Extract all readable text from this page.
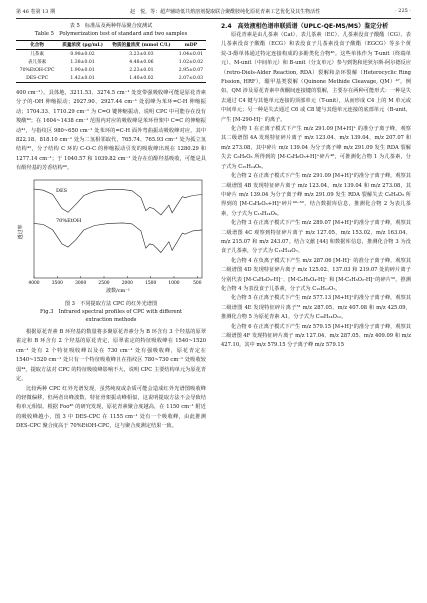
第 46 卷第 13 期	赵　悦，等：超声辅助低共熔溶剂提取联合聚酰胺纯化原花青素工艺优化及其生物活性	· 225 ·
表 5　标准品及两种样品聚合度测试
Table 5　Polymerization test of standard and two samples
化合物	质量浓度 (μg/mL)	物质的量浓度 (mmol C/L)	mDP
儿茶素	0.98±0.02	3.23±0.03	1.04±0.01
表儿茶素	1.38±0.01	4.48±0.06	1.02±0.02
70%EtOH-CPC	1.90±0.01	2.23±0.01	2.95±0.07
DES-CPC	1.42±0.01	1.40±0.02	2.07±0.03

400 cm⁻¹）。具体地，3211.53、3274.5 cm⁻¹ 处宽带强吸收峰可能是原花青素分子的-OH 伸缩振动；2927.90、2927.44 cm⁻¹ 处弱峰为苯环=C-H 伸缩振动；1704.33、1710.29 cm⁻¹ 为 C=O 键伸缩振动，说明 CPC 中可能存在没有羧酸⁴⁰；在 1604~1438 cm⁻¹ 范围内对应的吸收峰是苯环骨架中 C=C 的伸缩振动⁴¹，与指纹区 980~650 cm⁻¹ 处苯环的=C-H 面外弯曲振动吸收峰对应，其中 822.18、818.10 cm⁻¹ 处为二氢相邻取代，765.74、765.93 cm⁻¹ 处为孤立氢结构⁴²，分子结构 C 环的 C-O-C 的伸缩振动引发的吸收峰出现在 1280.29 和 1277.14 cm⁻¹；于 1040.57 和 1039.82 cm⁻¹ 处存在伯醇羟基吸收，可能是具有酚羟基的芳香结构⁴³。

透过率
波数/cm⁻¹
4000	3500	3000	2500	2000	1500	1000	500
DES
70%EtOH
图 3　不同提取方法 CPC 的红外光谱图
Fig.3　Infrared spectral profiles of CPC with different
extraction methods

根据原花青素 B 环羟基的数量将多聚原花青素分为 B 环含有 3 个羟基的原翠雀定和 B 环含有 2 个羟基的原花青定，原翠雀定的特征吸收峰在 1540~1520 cm⁻¹ 处有 2 个特征吸收峰以及在 730 cm⁻¹ 处有强吸收峰，原花青定在 1540~1520 cm⁻¹ 处只有一个特征吸收峰且在指纹区 780~730 cm⁻¹ 处吸收较弱⁴⁴，提取方法对 CPC 的特征吸收峰影响不大，说明 CPC 主要结构单元为原花青定。

比较两种 CPC 红外光谱发现，虽然纯度或杂质可能会造成红外光谱图吸收峰的轻微偏移，但两者出峰波数、特征骨架振动峰相似，这说明提取方法不会导致结构单元相似。根据 Foo⁴⁵ 的研究发现，原花青素聚合度越高，在 1150 cm⁻¹ 附近的吸收峰越小，图 3 中 DES-CPC 在 1155 cm⁻¹ 处有一个吸收峰，由此推测 DES-CPC 聚合度高于 70%EtOH-CPC，这与聚合度测定结果一致。

2.4　高效液相色谱串联质谱（UPLC-QE-MS/MS）鉴定分析

原花青素是由儿茶素（Cat）、表儿茶素（EC）、儿茶素没食子酸酯（CG）、表儿茶素没食子酸酯（ECG）和表没食子儿茶素没食子酸酯（EGCG）等多个黄烷-3-醇单体通过特定连接构成的多酚类化合物⁴⁶。这些单体作为 T-unit（终端单元）、M-unit（中间单元）和 B-unit（分支单元）参与到饱和逆狄尔斯-阿尔德反应（retro-Diels-Alder Reaction, RDA）裂解和杂环裂解（Heterocyclic Ring Fission, HRF），醌甲基类裂解（Quinone Methide Cleavage, QM）⁴⁷。例如，QM 涉及原花青素中黄酮间连接键的裂解，主要存在两种可能形式：一种是失去通过 C4 键与其他单元连接的顶部单元（T-unit），从而形成 C4 上的 M 单元或中间单元；另一种是失去通过 C6 或 C8 键与其他单元连接的底部单元（B-unit，产生 [M-290-H]⁻ 的离子。

化合物 1 在正离子模式下产生 m/z 291.09 [M+H]⁺ 的准分子离子峰，观察其二级谱图 4A 发现特征碎片离子 m/z 123.04、m/z 139.04、m/z 207.07 和 m/z 273.08，其中碎片 m/z 139.04 为分子离子峰 m/z 291.09 发生 RDA 裂解失去 C₈H₈O₃ 所得到的 [M-C₈H₈O₃+H]⁺碎片⁴⁸，可推测化合物 1 为儿茶素，分子式为 C₁₅H₁₄O₆。

化合物 2 在正离子模式下产生 m/z 291.09 [M+H]⁺的准分子离子峰，观察其二级谱图 4B 发现特征碎片离子 m/z 123.04、m/z 139.04 和 m/z 273.08，其中碎片 m/z 139.04 为分子离子峰 m/z 291.09 发生 RDA 裂解失去 C₈H₈O₃ 所得到的 [M-C₈H₈O₃+H]⁺碎片⁴⁹⁻⁵⁰，结合数据库信息，推测化合物 2 为表儿茶素，分子式为 C₁₅H₁₄O₆。

化合物 3 在正离子模式下产生 m/z 289.07 [M+H]⁺的准分子离子峰，观察其二级谱图 4C 观察到特征碎片离子 m/z 127.05、m/z 153.02、m/z 163.04、m/z 215.07 和 m/z 243.07。结合文献 [44] 和数据库信息，推测化合物 3 为没食子儿茶素，分子式为 C₁₅H₁₄O₇。

化合物 4 在负离子模式下产生 m/z 287.06 [M-H]⁻ 的准分子离子峰，观察其二级谱图 4D 发现特征碎片离子 m/z 125.02、137.03 和 219.07 处的碎片离子分别代表 [M-C₈H₈O₃-H]⁻、[M-C₈H₆O₄-H]⁻ 和 [M-C₃H₅O₂-H]⁻的碎片⁵⁰，推测化合物 4 为表没食子儿茶素，分子式为 C₁₅H₁₂O₇。

化合物 5 在正离子模式下产生 m/z 577.13 [M+H]⁺的准分子离子峰，观察其二级谱图 4E 发现特征碎片离子⁵¹ m/z 287.05、m/z 407.08 和 m/z 425.09，推测化合物 5 为原花青素 A1，分子式为 C₃₀H₂₄O₁₂。

化合物 6 在正离子模式下产生 m/z 579.15 [M+H]⁺的准分子离子峰，观察其二级谱图 4F 发现特征碎片离子 m/z 127.04、m/z 287.05、m/z 409.09 和 m/z 427.10。其中 m/z 579.15 分子离子峰 m/z 579.15
